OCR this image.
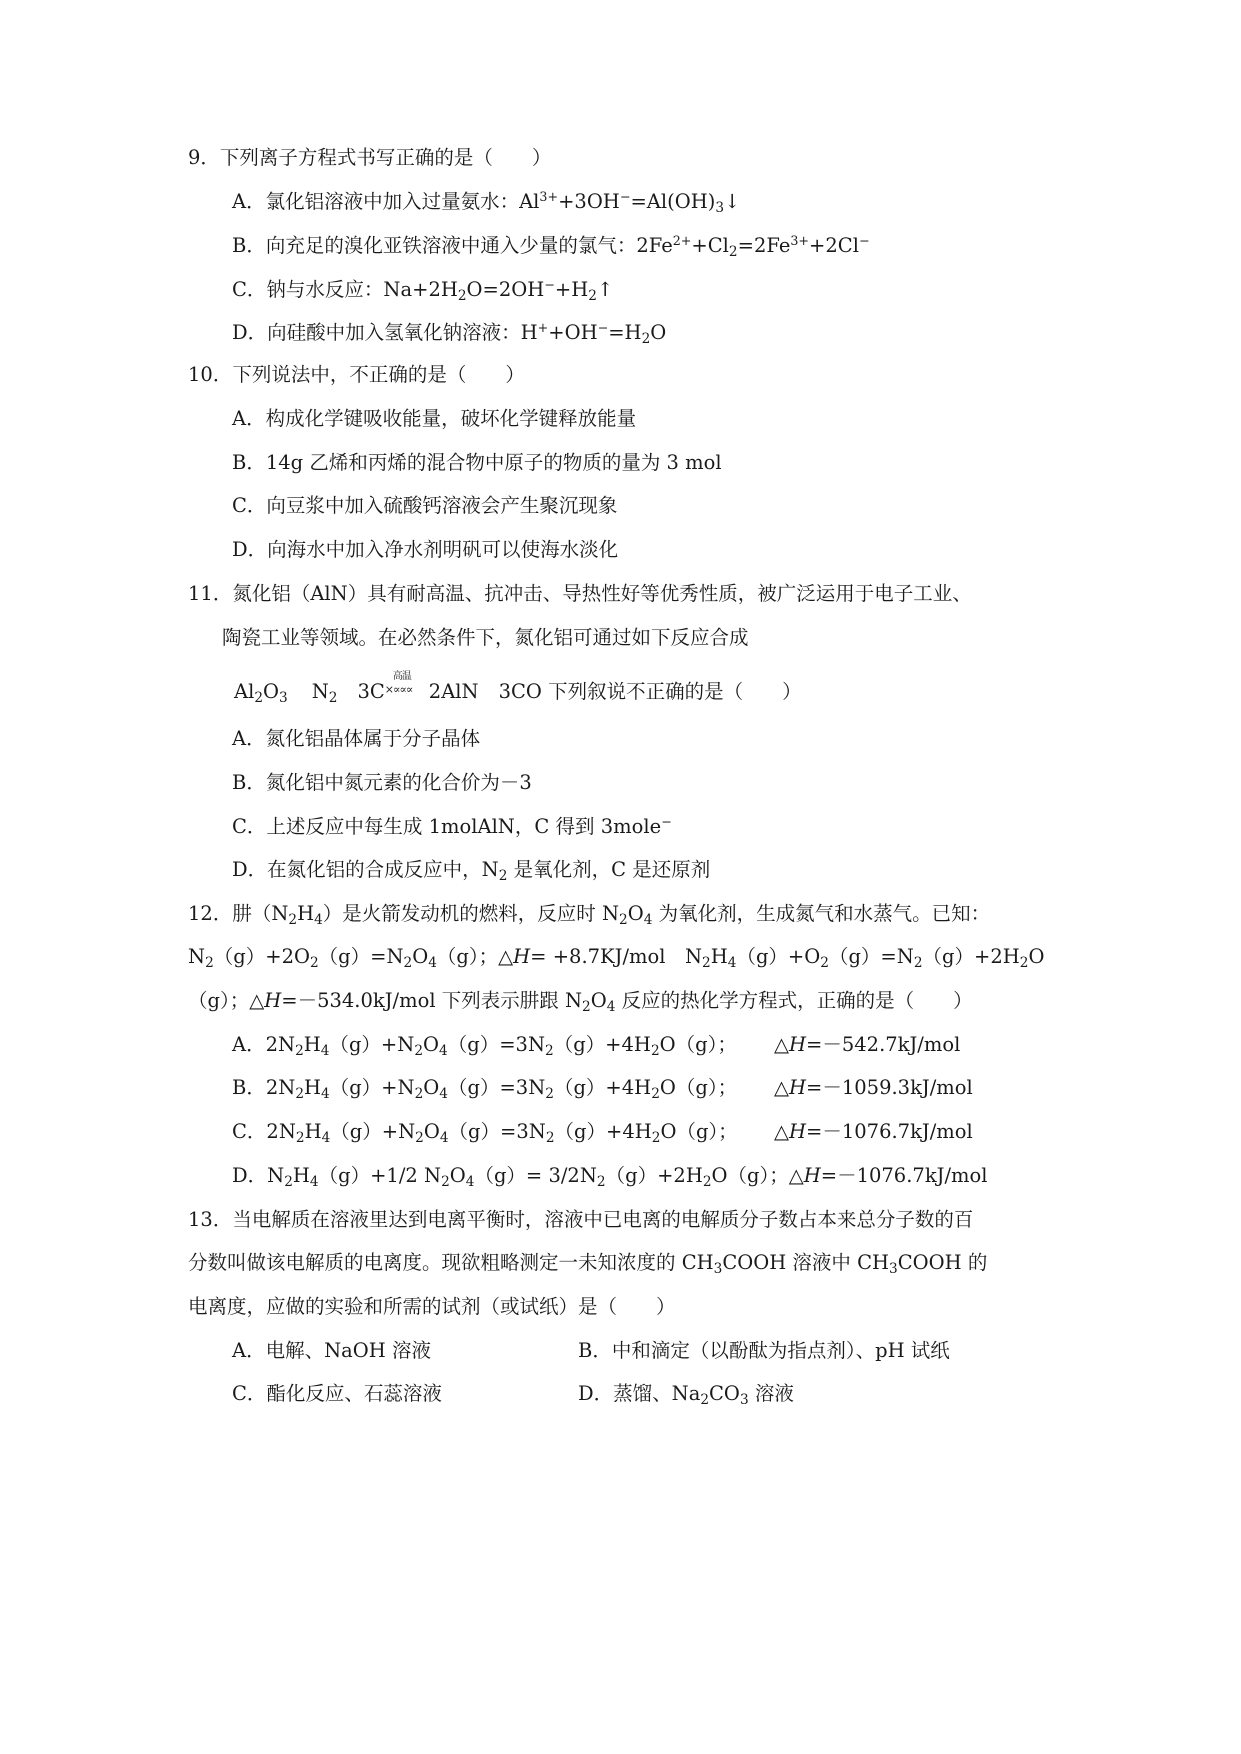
9．下列离子方程式书写正确的是（　　）
A．氯化铝溶液中加入过量氨水：$Al^{3+}+3OH^-=Al(OH)_3↓$
B．向充足的溴化亚铁溶液中通入少量的氯气：$2Fe^{2+}+Cl_2=2Fe^{3+}+2Cl^-$
C．钠与水反应：$Na+2H_2O=2OH^-+H_2↑$
D．向硅酸中加入氢氧化钠溶液：$H^++OH^-=H_2O$
10．下列说法中，不正确的是（　　）
A．构成化学键吸收能量，破坏化学键释放能量
B．14g 乙烯和丙烯的混合物中原子的物质的量为 3 mol
C．向豆浆中加入硫酸钙溶液会产生聚沉现象
D．向海水中加入净水剂明矾可以使海水淡化
11．氮化铝（AlN）具有耐高温、抗冲击、导热性好等优秀性质，被广泛运用于电子工业、
陶瓷工业等领域。在必然条件下，氮化铝可通过如下反应合成
$Al_2O_3$ $N_2$ 3C
高温
×∝∝∝ 2AlN 3CO 下列叙说不正确的是（　　）
A．氮化铝晶体属于分子晶体
B．氮化铝中氮元素的化合价为－3
C．上述反应中每生成 1molAlN，C 得到 3mole−
D．在氮化铝的合成反应中，$N_2$ 是氧化剂，C 是还原剂
12．肼$(N_2H_4)$是火箭发动机的燃料，反应时 $N_2O_4$ 为氧化剂，生成氮气和水蒸气。已知：
$N_2(g)+2O_2(g)=N_2O_4(g)$；△H= +8.7KJ/mol　$N_2H_4(g)+O_2(g)=N_2(g)+2H_2O$
（g）；△H=－534.0kJ/mol 下列表示肼跟 $N_2O_4$ 反应的热化学方程式，正确的是（　　）
A．$2N_2H_4(g)+N_2O_4(g)=3N_2(g)+4H_2O(g)$； △H=－542.7kJ/mol
B．$2N_2H_4(g)+N_2O_4(g)=3N_2(g)+4H_2O(g)$； △H=－1059.3kJ/mol
C．$2N_2H_4(g)+N_2O_4(g)=3N_2(g)+4H_2O(g)$； △H=－1076.7kJ/mol
D．$N_2H_4(g)+1/2$ $N_2O_4(g)= 3/2N_2(g)+2H_2O(g)$；△H=－1076.7kJ/mol
13．当电解质在溶液里达到电离平衡时，溶液中已电离的电解质分子数占本来总分子数的百
分数叫做该电解质的电离度。现欲粗略测定一未知浓度的 $CH_3COOH$ 溶液中 $CH_3COOH$ 的
电离度，应做的实验和所需的试剂（或试纸）是（　　）
A．电解、NaOH 溶液	B．中和滴定（以酚酞为指点剂）、pH 试纸
C．酯化反应、石蕊溶液	D．蒸馏、$Na_2CO_3$ 溶液
